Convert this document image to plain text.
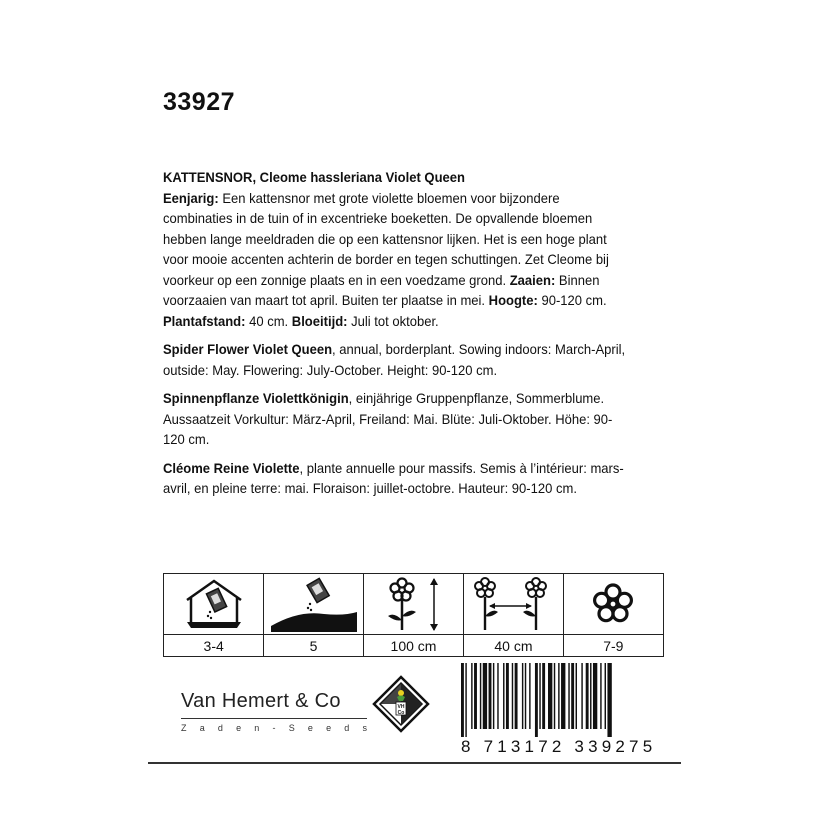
33927

KATTENSNOR, Cleome hassleriana Violet Queen
Eenjarig: Een kattensnor met grote violette bloemen voor bijzondere combinaties in de tuin of in excentrieke boeketten. De opvallende bloemen hebben lange meeldraden die op een kattensnor lijken. Het is een hoge plant voor mooie accenten achterin de border en tegen schuttingen. Zet Cleome bij voorkeur op een zonnige plaats en in een voedzame grond. Zaaien: Binnen voorzaaien van maart tot april. Buiten ter plaatse in mei. Hoogte: 90-120 cm. Plantafstand: 40 cm. Bloeitijd: Juli tot oktober.

Spider Flower Violet Queen, annual, borderplant. Sowing indoors: March-April, outside: May. Flowering: July-October. Height: 90-120 cm.

Spinnenpflanze Violettkönigin, einjährige Gruppenpflanze, Sommerblume. Aussaatzeit Vorkultur: März-April, Freiland: Mai. Blüte: Juli-Oktober. Höhe: 90-120 cm.

Cléome Reine Violette, plante annuelle pour massifs. Semis à l’intérieur: mars-avril, en pleine terre: mai. Floraison: juillet-octobre. Hauteur: 90-120 cm.

3-4	5	100 cm	40 cm	7-9
Van Hemert & Co
Z a d e n - S e e d s
VH
Co
8 713172 339275
